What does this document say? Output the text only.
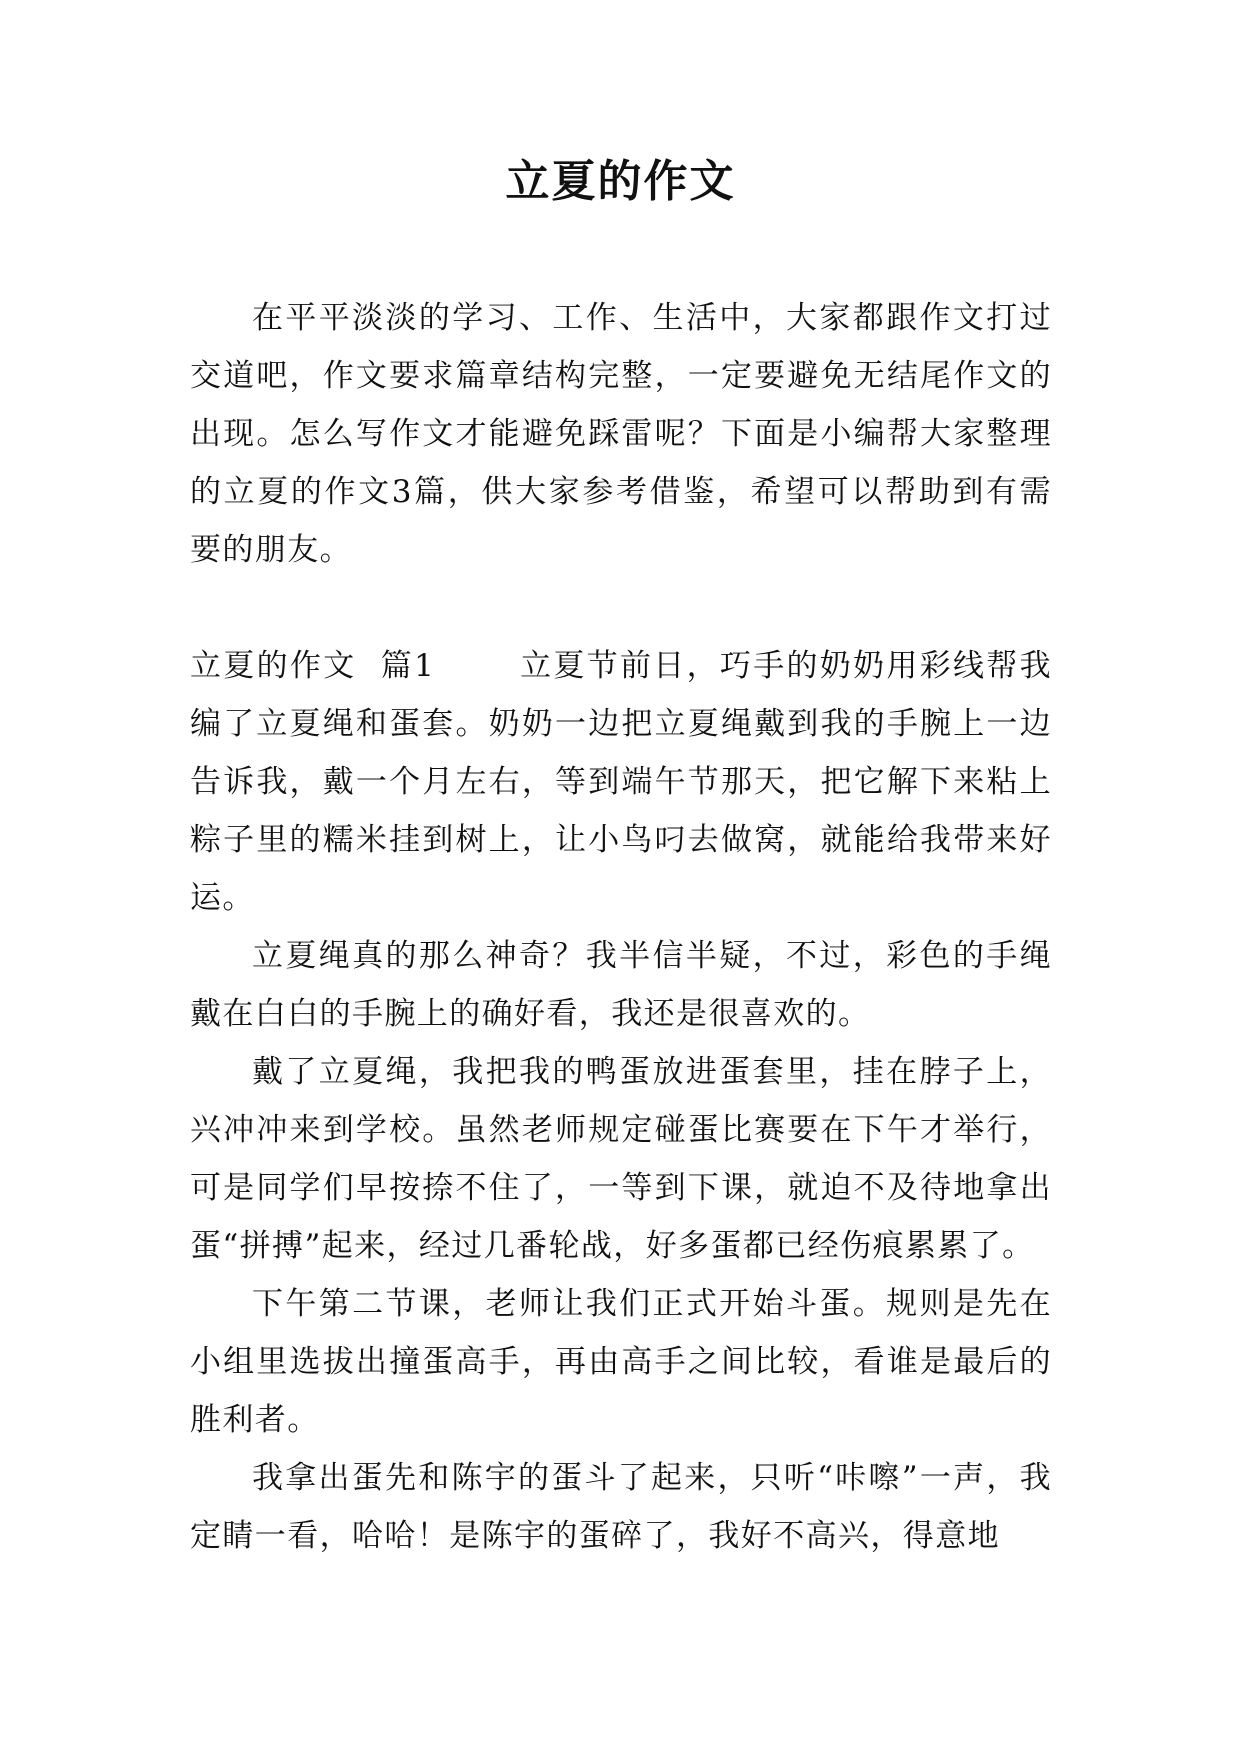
立夏的作文

在平平淡淡的学习、工作、生活中，大家都跟作文打过交道吧，作文要求篇章结构完整，一定要避免无结尾作文的出现。怎么写作文才能避免踩雷呢？下面是小编帮大家整理的立夏的作文3篇，供大家参考借鉴，希望可以帮助到有需要的朋友。

立夏的作文  篇1	立夏节前日，巧手的奶奶用彩线帮我编了立夏绳和蛋套。奶奶一边把立夏绳戴到我的手腕上一边告诉我，戴一个月左右，等到端午节那天，把它解下来粘上粽子里的糯米挂到树上，让小鸟叼去做窝，就能给我带来好运。

立夏绳真的那么神奇？我半信半疑，不过，彩色的手绳戴在白白的手腕上的确好看，我还是很喜欢的。

戴了立夏绳，我把我的鸭蛋放进蛋套里，挂在脖子上，兴冲冲来到学校。虽然老师规定碰蛋比赛要在下午才举行，可是同学们早按捺不住了，一等到下课，就迫不及待地拿出蛋“拼搏”起来，经过几番轮战，好多蛋都已经伤痕累累了。

下午第二节课，老师让我们正式开始斗蛋。规则是先在小组里选拔出撞蛋高手，再由高手之间比较，看谁是最后的胜利者。

我拿出蛋先和陈宇的蛋斗了起来，只听“咔嚓”一声，我定睛一看，哈哈！是陈宇的蛋碎了，我好不高兴，得意地
